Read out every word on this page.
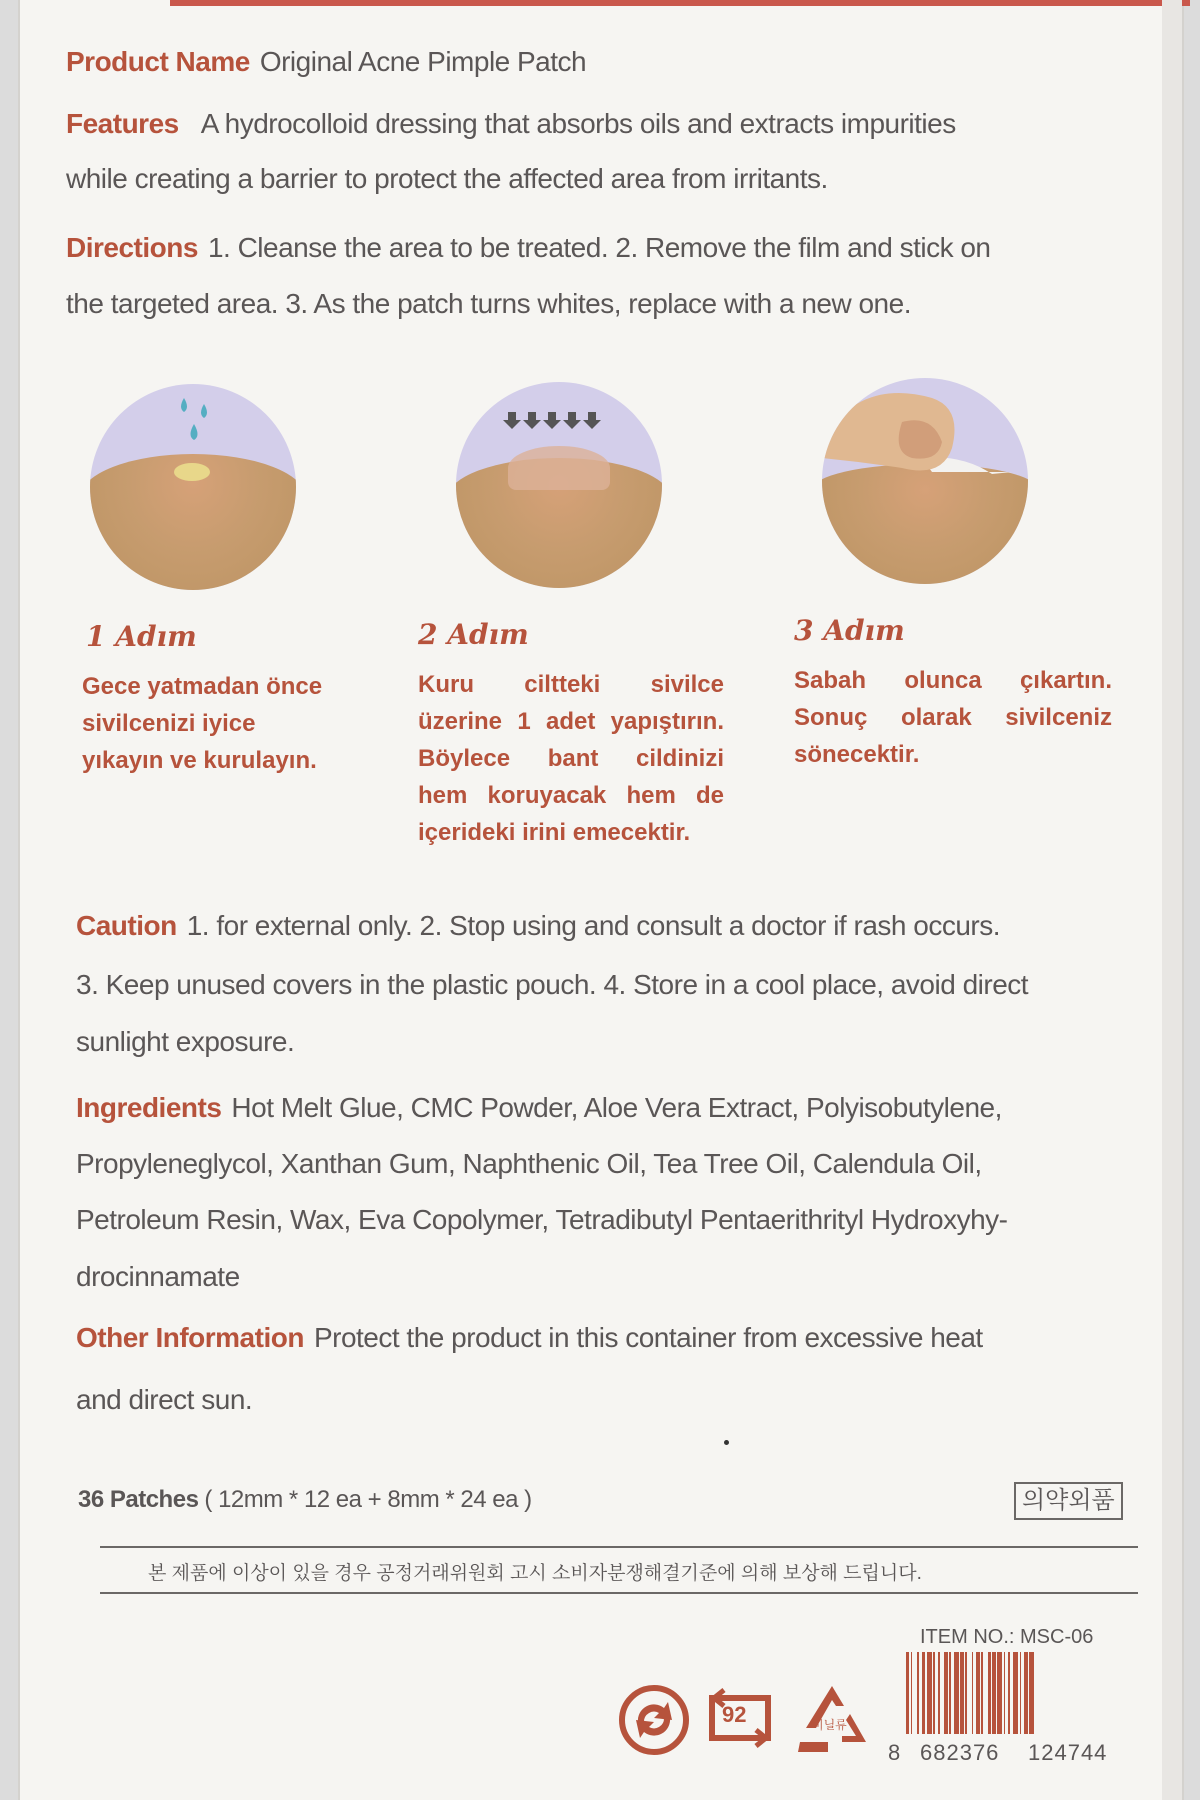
Product Name Original Acne Pimple Patch

Features A hydrocolloid dressing that absorbs oils and extracts impurities

while creating a barrier to protect the affected area from irritants.

Directions 1. Cleanse the area to be treated. 2. Remove the film and stick on

the targeted area. 3. As the patch turns whites, replace with a new one.

1 Adım
Gece yatmadan önce
sivilcenizi iyice
yıkayın ve kurulayın.
2 Adım
Kuru ciltteki sivilce
üzerine 1 adet yapıştırın.
Böylece bant cildinizi
hem koruyacak hem de
içerideki irini emecektir.
3 Adım
Sabah olunca çıkartın.
Sonuç olarak sivilceniz
sönecektir.

Caution 1. for external only. 2. Stop using and consult a doctor if rash occurs.

3. Keep unused covers in the plastic pouch. 4. Store in a cool place, avoid direct

sunlight exposure.

Ingredients Hot Melt Glue, CMC Powder, Aloe Vera Extract, Polyisobutylene,

Propyleneglycol, Xanthan Gum, Naphthenic Oil, Tea Tree Oil, Calendula Oil,

Petroleum Resin, Wax, Eva Copolymer, Tetradibutyl Pentaerithrityl Hydroxyhy-

drocinnamate

Other Information Protect the product in this container from excessive heat

and direct sun.

36 Patches ( 12mm * 12 ea + 8mm * 24 ea )	의약외품

본 제품에 이상이 있을 경우 공정거래위원회 고시 소비자분쟁해결기준에 의해 보상해 드립니다.

ITEM NO.: MSC-06

92	비닐류

8 682376 124744
